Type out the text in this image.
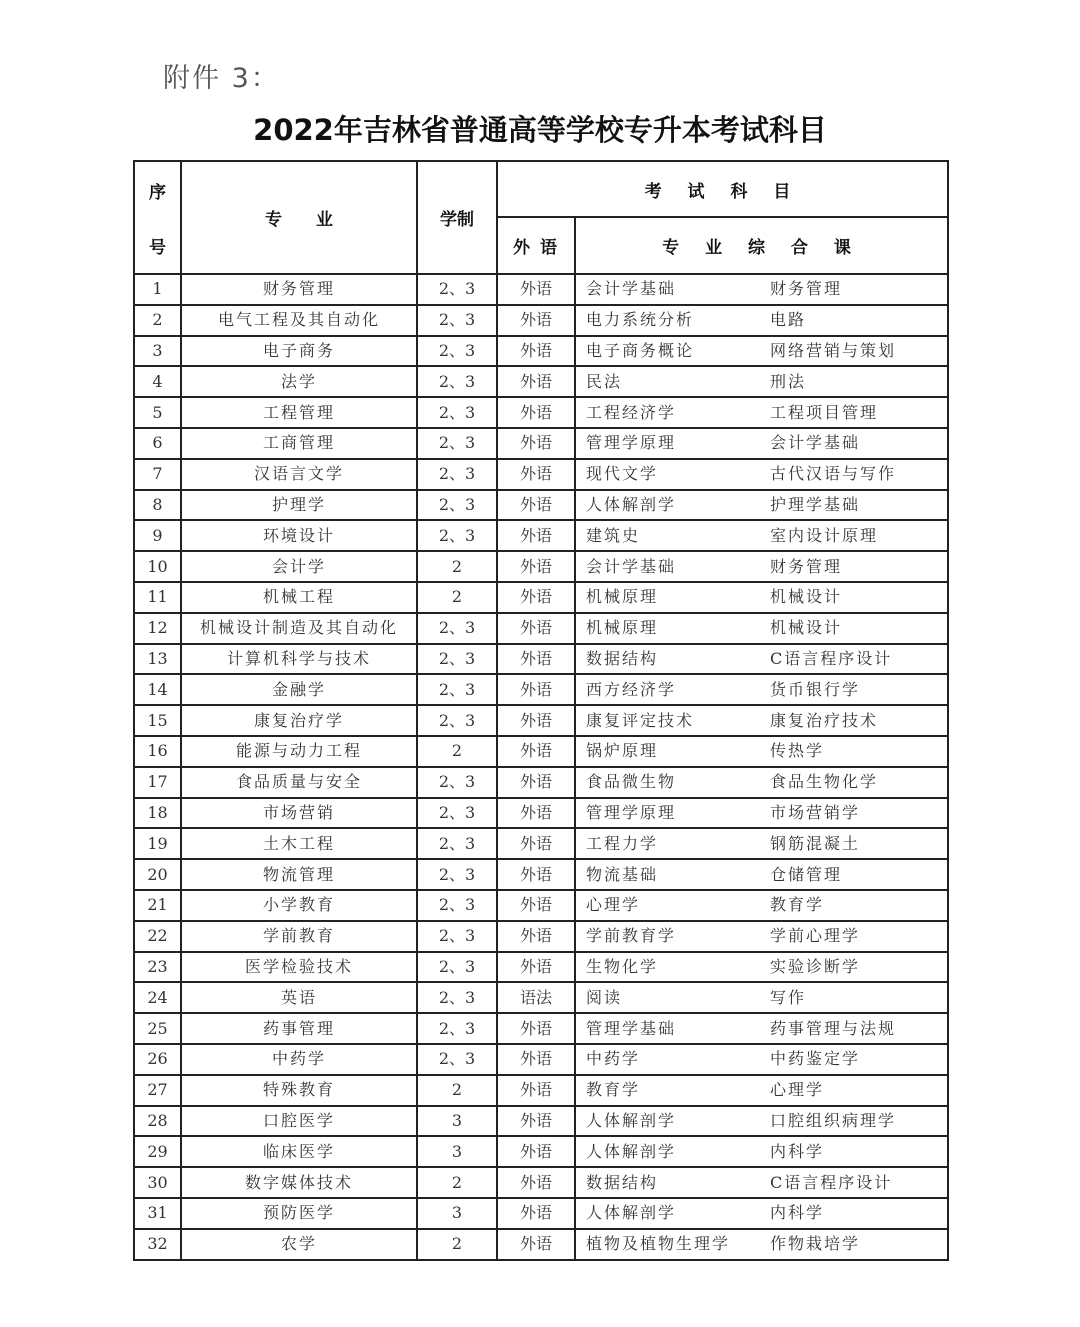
附件 3：
2022年吉林省普通高等学校专升本考试科目
序
号	专　　业	学制	考 试 科 目	
			外 语	专 业 综 合 课
1	财务管理	2、3	外语	会计学基础 财务管理

2	电气工程及其自动化	2、3	外语	电力系统分析 电路

3	电子商务	2、3	外语	电子商务概论 网络营销与策划

4	法学	2、3	外语	民法 刑法

5	工程管理	2、3	外语	工程经济学 工程项目管理

6	工商管理	2、3	外语	管理学原理 会计学基础

7	汉语言文学	2、3	外语	现代文学 古代汉语与写作

8	护理学	2、3	外语	人体解剖学 护理学基础

9	环境设计	2、3	外语	建筑史 室内设计原理

10	会计学	2	外语	会计学基础 财务管理

11	机械工程	2	外语	机械原理 机械设计

12	机械设计制造及其自动化	2、3	外语	机械原理 机械设计

13	计算机科学与技术	2、3	外语	数据结构 C语言程序设计

14	金融学	2、3	外语	西方经济学 货币银行学

15	康复治疗学	2、3	外语	康复评定技术 康复治疗技术

16	能源与动力工程	2	外语	锅炉原理 传热学

17	食品质量与安全	2、3	外语	食品微生物 食品生物化学

18	市场营销	2、3	外语	管理学原理 市场营销学

19	土木工程	2、3	外语	工程力学 钢筋混凝土

20	物流管理	2、3	外语	物流基础 仓储管理

21	小学教育	2、3	外语	心理学 教育学

22	学前教育	2、3	外语	学前教育学 学前心理学

23	医学检验技术	2、3	外语	生物化学 实验诊断学

24	英语	2、3	语法	阅读 写作

25	药事管理	2、3	外语	管理学基础 药事管理与法规

26	中药学	2、3	外语	中药学 中药鉴定学

27	特殊教育	2	外语	教育学 心理学

28	口腔医学	3	外语	人体解剖学 口腔组织病理学

29	临床医学	3	外语	人体解剖学 内科学

30	数字媒体技术	2	外语	数据结构 C语言程序设计

31	预防医学	3	外语	人体解剖学 内科学

32	农学	2	外语	植物及植物生理学 作物栽培学
